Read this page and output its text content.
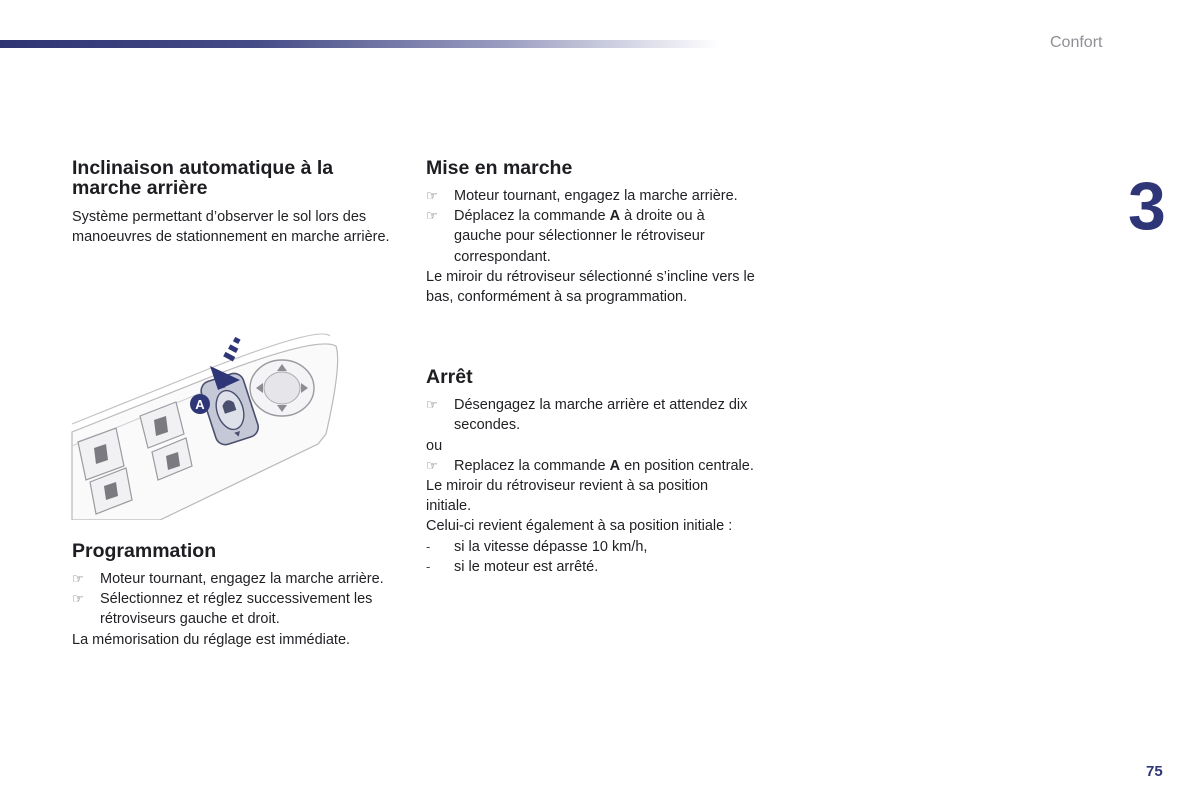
Confort
3
75
Inclinaison automatique à la marche arrière

Système permettant d’observer le sol lors des manoeuvres de stationnement en marche arrière.

A
Programmation
☞ Moteur tournant, engagez la marche arrière.
☞ Sélectionnez et réglez successivement les rétroviseurs gauche et droit.

La mémorisation du réglage est immédiate.

Mise en marche
☞ Moteur tournant, engagez la marche arrière.
☞ Déplacez la commande A à droite ou à gauche pour sélectionner le rétroviseur correspondant.

Le miroir du rétroviseur sélectionné s’incline vers le bas, conformément à sa programmation.

Arrêt
☞ Désengagez la marche arrière et attendez dix secondes.

ou

☞ Replacez la commande A en position centrale.

Le miroir du rétroviseur revient à sa position initiale.

Celui-ci revient également à sa position initiale :

- si la vitesse dépasse 10 km/h,
- si le moteur est arrêté.
